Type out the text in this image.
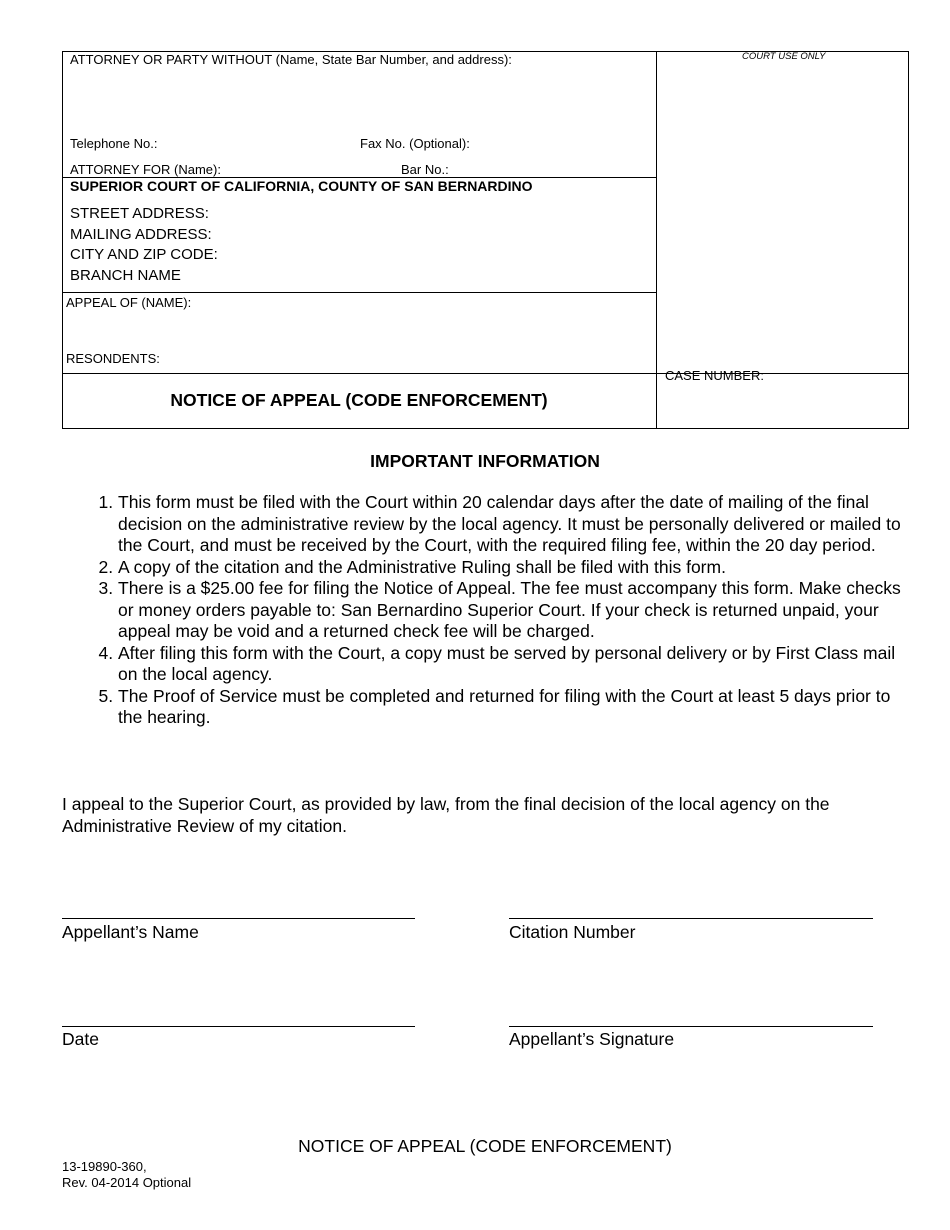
ATTORNEY OR PARTY WITHOUT (Name, State Bar Number, and address):	COURT USE ONLY
Telephone No.:	Fax No. (Optional):
ATTORNEY FOR (Name):	Bar No.:
SUPERIOR COURT OF CALIFORNIA, COUNTY OF SAN BERNARDINO
STREET ADDRESS:
MAILING ADDRESS:
CITY AND ZIP CODE:
BRANCH NAME
APPEAL OF (NAME):
RESONDENTS:
CASE NUMBER:
NOTICE OF APPEAL (CODE ENFORCEMENT)
IMPORTANT INFORMATION
1. This form must be filed with the Court within 20 calendar days after the date of mailing of the final decision on the administrative review by the local agency. It must be personally delivered or mailed to the Court, and must be received by the Court, with the required filing fee, within the 20 day period.
2. A copy of the citation and the Administrative Ruling shall be filed with this form.
3. There is a $25.00 fee for filing the Notice of Appeal. The fee must accompany this form. Make checks or money orders payable to: San Bernardino Superior Court. If your check is returned unpaid, your appeal may be void and a returned check fee will be charged.
4. After filing this form with the Court, a copy must be served by personal delivery or by First Class mail on the local agency.
5. The Proof of Service must be completed and returned for filing with the Court at least 5 days prior to the hearing.
I appeal to the Superior Court, as provided by law, from the final decision of the local agency on the Administrative Review of my citation.
Appellant’s Name	Citation Number
Date	Appellant’s Signature
NOTICE OF APPEAL (CODE ENFORCEMENT)
13-19890-360,
Rev. 04-2014 Optional
